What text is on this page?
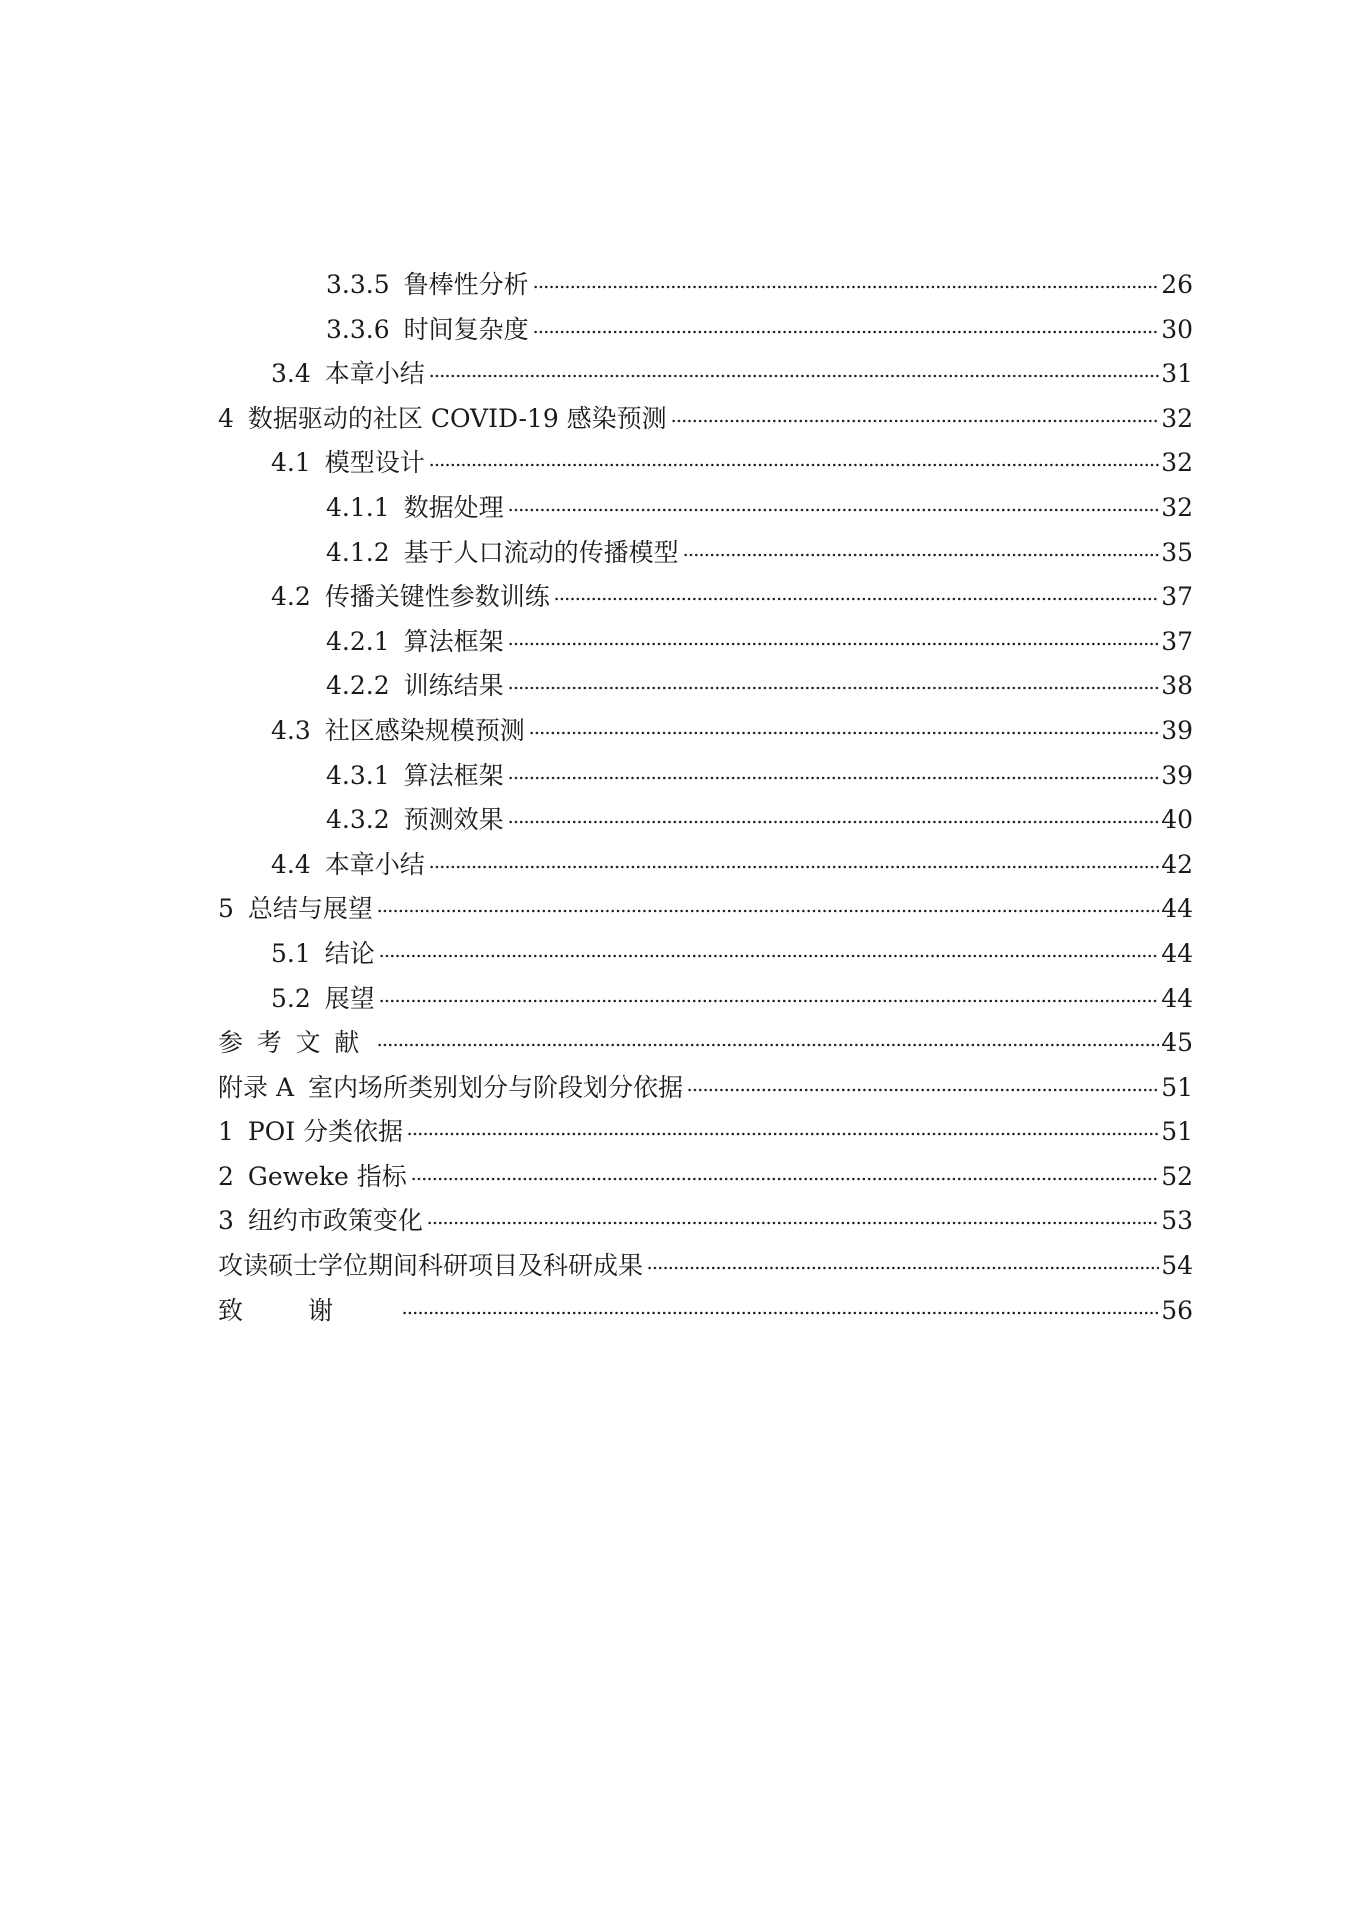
3.3.5 鲁棒性分析	26
3.3.6 时间复杂度	30
3.4 本章小结	31
4 数据驱动的社区 COVID-19 感染预测	32
4.1 模型设计	32
4.1.1 数据处理	32
4.1.2 基于人口流动的传播模型	35
4.2 传播关键性参数训练	37
4.2.1 算法框架	37
4.2.2 训练结果	38
4.3 社区感染规模预测	39
4.3.1 算法框架	39
4.3.2 预测效果	40
4.4 本章小结	42
5 总结与展望	44
5.1 结论	44
5.2 展望	44
参考文献	45
附录 A 室内场所类别划分与阶段划分依据	51
1 POI 分类依据	51
2 Geweke 指标	52
3 纽约市政策变化	53
攻读硕士学位期间科研项目及科研成果	54
致谢	56
